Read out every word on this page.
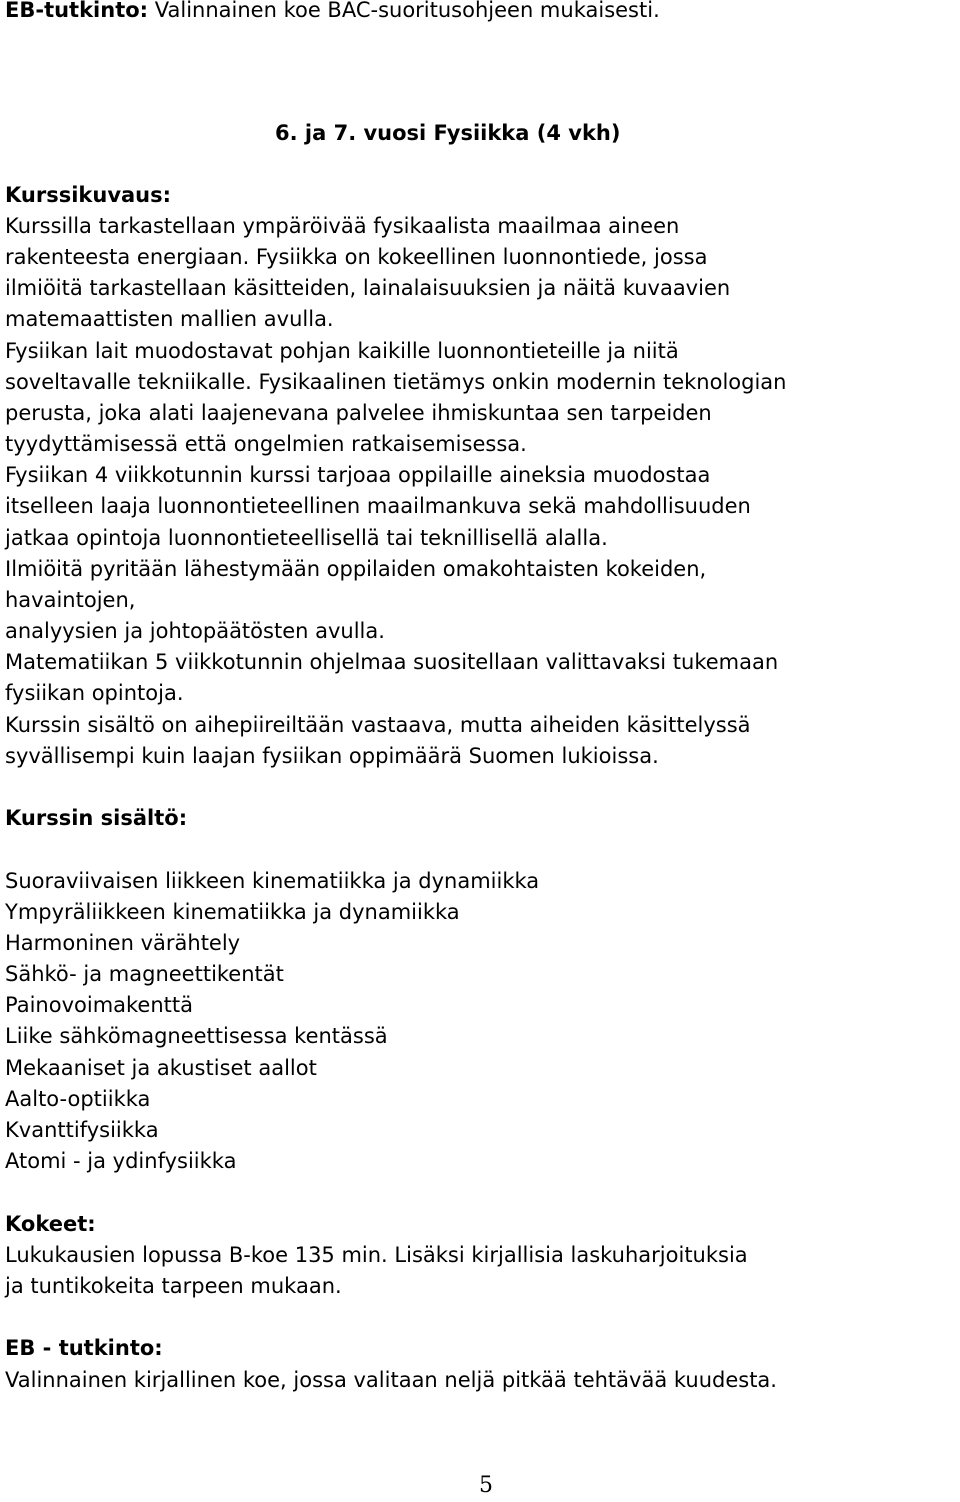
EB-tutkinto: Valinnainen koe BAC-suoritusohjeen mukaisesti.
6. ja 7. vuosi Fysiikka (4 vkh)
Kurssikuvaus:
Kurssilla tarkastellaan ympäröivää fysikaalista maailmaa aineen
rakenteesta energiaan. Fysiikka on kokeellinen luonnontiede, jossa
ilmiöitä tarkastellaan käsitteiden, lainalaisuuksien ja näitä kuvaavien
matemaattisten mallien avulla.
Fysiikan lait muodostavat pohjan kaikille luonnontieteille ja niitä
soveltavalle tekniikalle. Fysikaalinen tietämys onkin modernin teknologian
perusta, joka alati laajenevana palvelee ihmiskuntaa sen tarpeiden
tyydyttämisessä että ongelmien ratkaisemisessa.
Fysiikan 4 viikkotunnin kurssi tarjoaa oppilaille aineksia muodostaa
itselleen laaja luonnontieteellinen maailmankuva sekä mahdollisuuden
jatkaa opintoja luonnontieteellisellä tai teknillisellä alalla.
Ilmiöitä pyritään lähestymään oppilaiden omakohtaisten kokeiden,
havaintojen,
analyysien ja johtopäätösten avulla.
Matematiikan 5 viikkotunnin ohjelmaa suositellaan valittavaksi tukemaan
fysiikan opintoja.
Kurssin sisältö on aihepiireiltään vastaava, mutta aiheiden käsittelyssä
syvällisempi kuin laajan fysiikan oppimäärä Suomen lukioissa.
Kurssin sisältö:
Suoraviivaisen liikkeen kinematiikka ja dynamiikka
Ympyräliikkeen kinematiikka ja dynamiikka
Harmoninen värähtely
Sähkö- ja magneettikentät
Painovoimakenttä
Liike sähkömagneettisessa kentässä
Mekaaniset ja akustiset aallot
Aalto-optiikka
Kvanttifysiikka
Atomi - ja ydinfysiikka
Kokeet:
Lukukausien lopussa B-koe 135 min. Lisäksi kirjallisia laskuharjoituksia
ja tuntikokeita tarpeen mukaan.
EB - tutkinto:
Valinnainen kirjallinen koe, jossa valitaan neljä pitkää tehtävää kuudesta.
5
